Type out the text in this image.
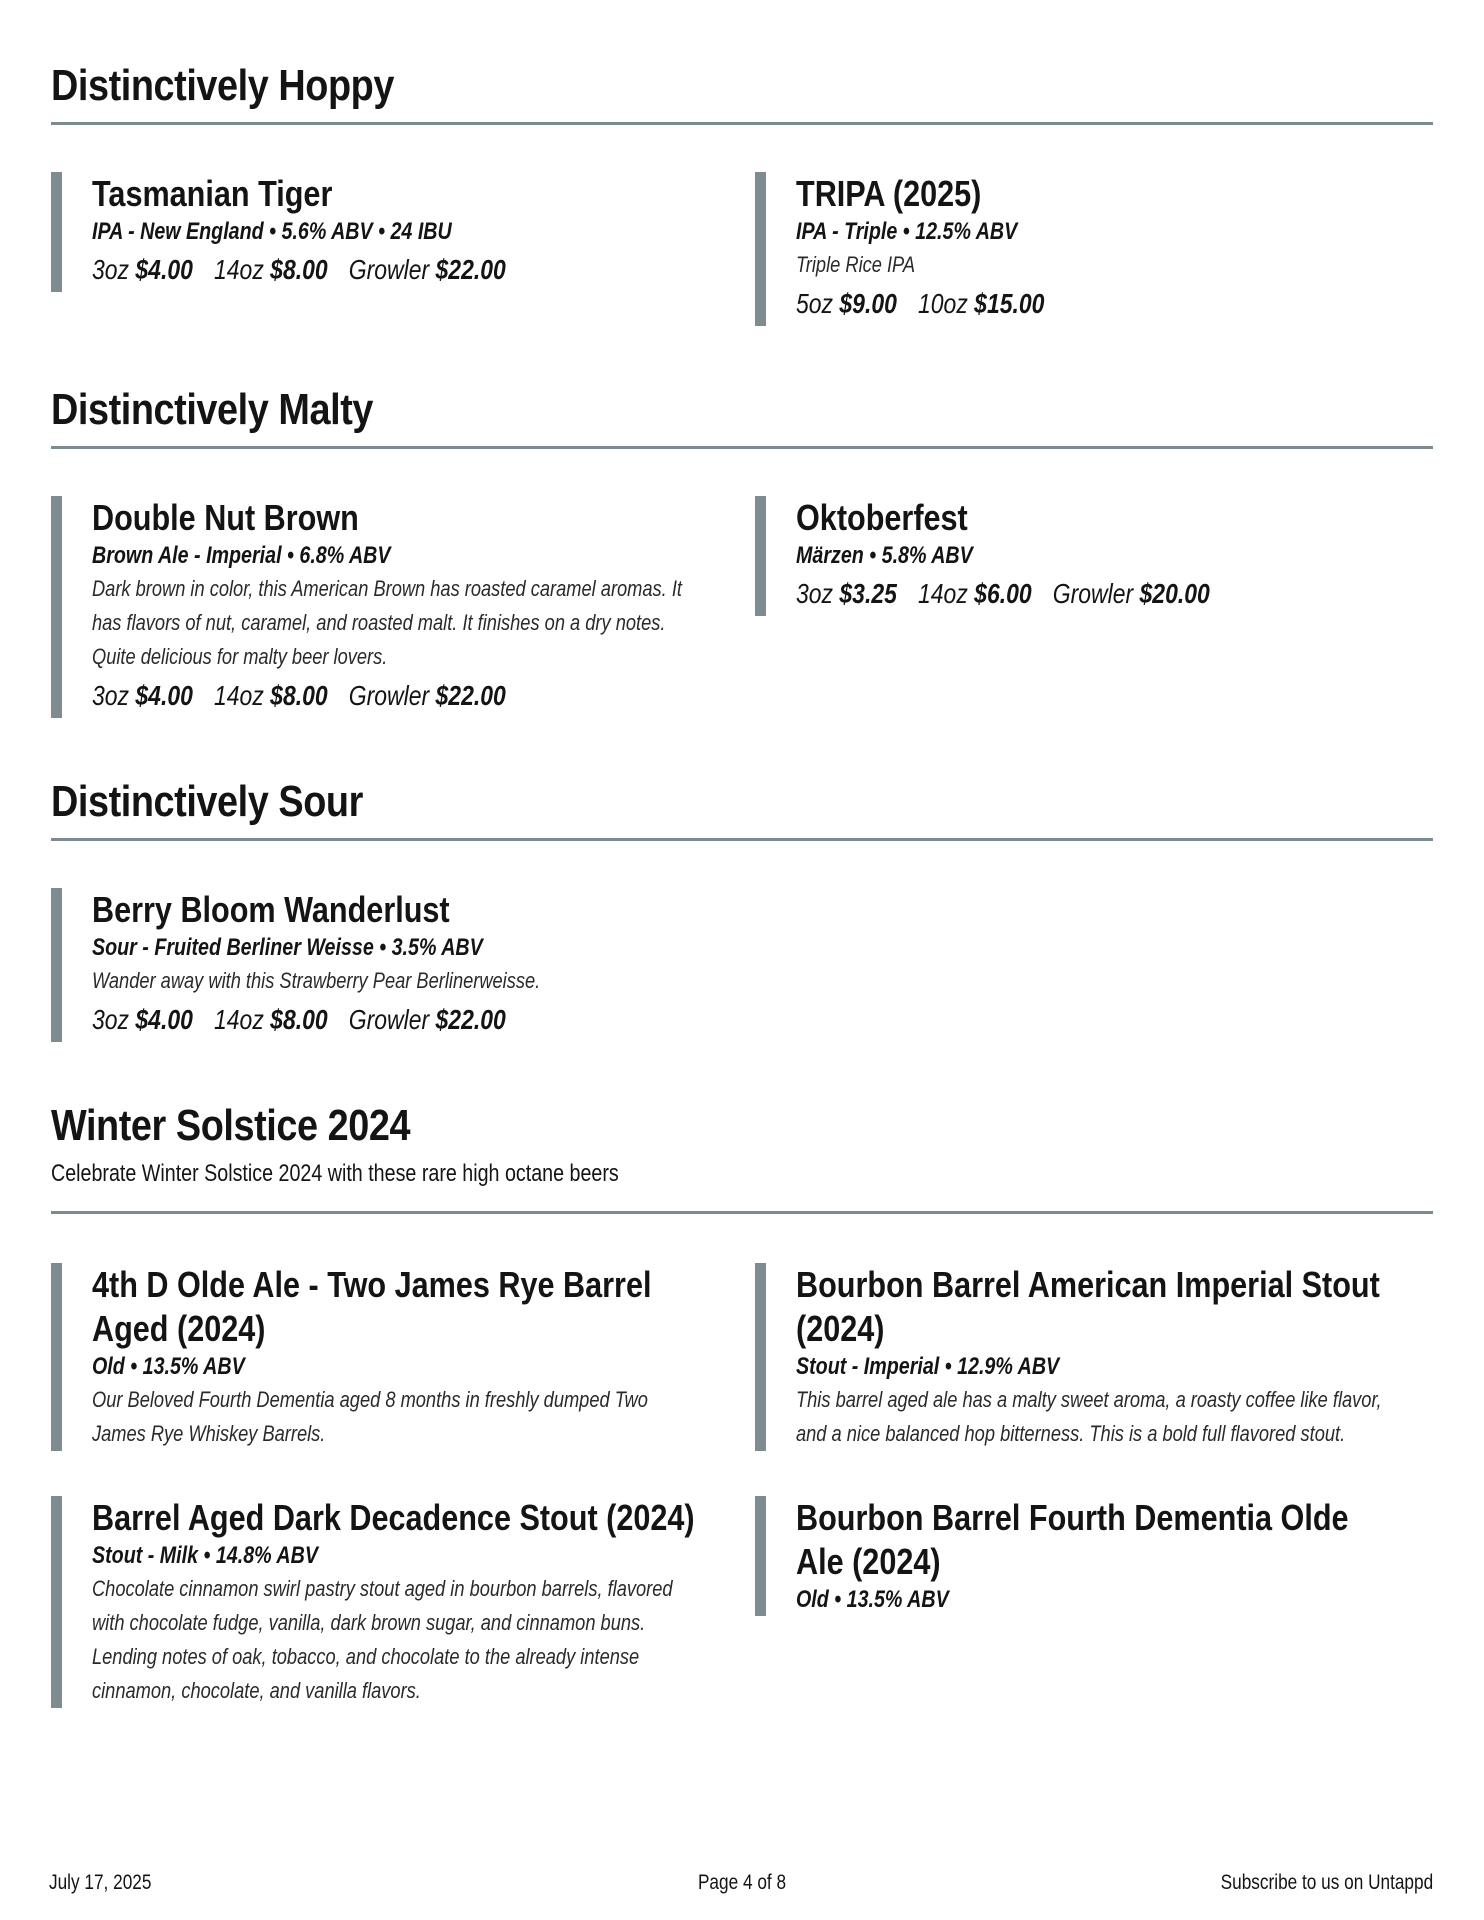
Distinctively Hoppy
Tasmanian Tiger
IPA - New England • 5.6% ABV • 24 IBU
3oz $4.00 14oz $8.00 Growler $22.00
TRIPA (2025)
IPA - Triple • 12.5% ABV
Triple Rice IPA
5oz $9.00 10oz $15.00
Distinctively Malty
Double Nut Brown
Brown Ale - Imperial • 6.8% ABV
Dark brown in color, this American Brown has roasted caramel aromas. It has flavors of nut, caramel, and roasted malt. It finishes on a dry notes. Quite delicious for malty beer lovers.
3oz $4.00 14oz $8.00 Growler $22.00
Oktoberfest
Märzen • 5.8% ABV
3oz $3.25 14oz $6.00 Growler $20.00
Distinctively Sour
Berry Bloom Wanderlust
Sour - Fruited Berliner Weisse • 3.5% ABV
Wander away with this Strawberry Pear Berlinerweisse.
3oz $4.00 14oz $8.00 Growler $22.00
Winter Solstice 2024
Celebrate Winter Solstice 2024 with these rare high octane beers
4th D Olde Ale - Two James Rye Barrel Aged (2024)
Old • 13.5% ABV
Our Beloved Fourth Dementia aged 8 months in freshly dumped Two James Rye Whiskey Barrels.
Bourbon Barrel American Imperial Stout (2024)
Stout - Imperial • 12.9% ABV
This barrel aged ale has a malty sweet aroma, a roasty coffee like flavor, and a nice balanced hop bitterness. This is a bold full flavored stout.
Barrel Aged Dark Decadence Stout (2024)
Stout - Milk • 14.8% ABV
Chocolate cinnamon swirl pastry stout aged in bourbon barrels, flavored with chocolate fudge, vanilla, dark brown sugar, and cinnamon buns. Lending notes of oak, tobacco, and chocolate to the already intense cinnamon, chocolate, and vanilla flavors.
Bourbon Barrel Fourth Dementia Olde Ale (2024)
Old • 13.5% ABV
July 17, 2025	Page 4 of 8	Subscribe to us on Untappd
